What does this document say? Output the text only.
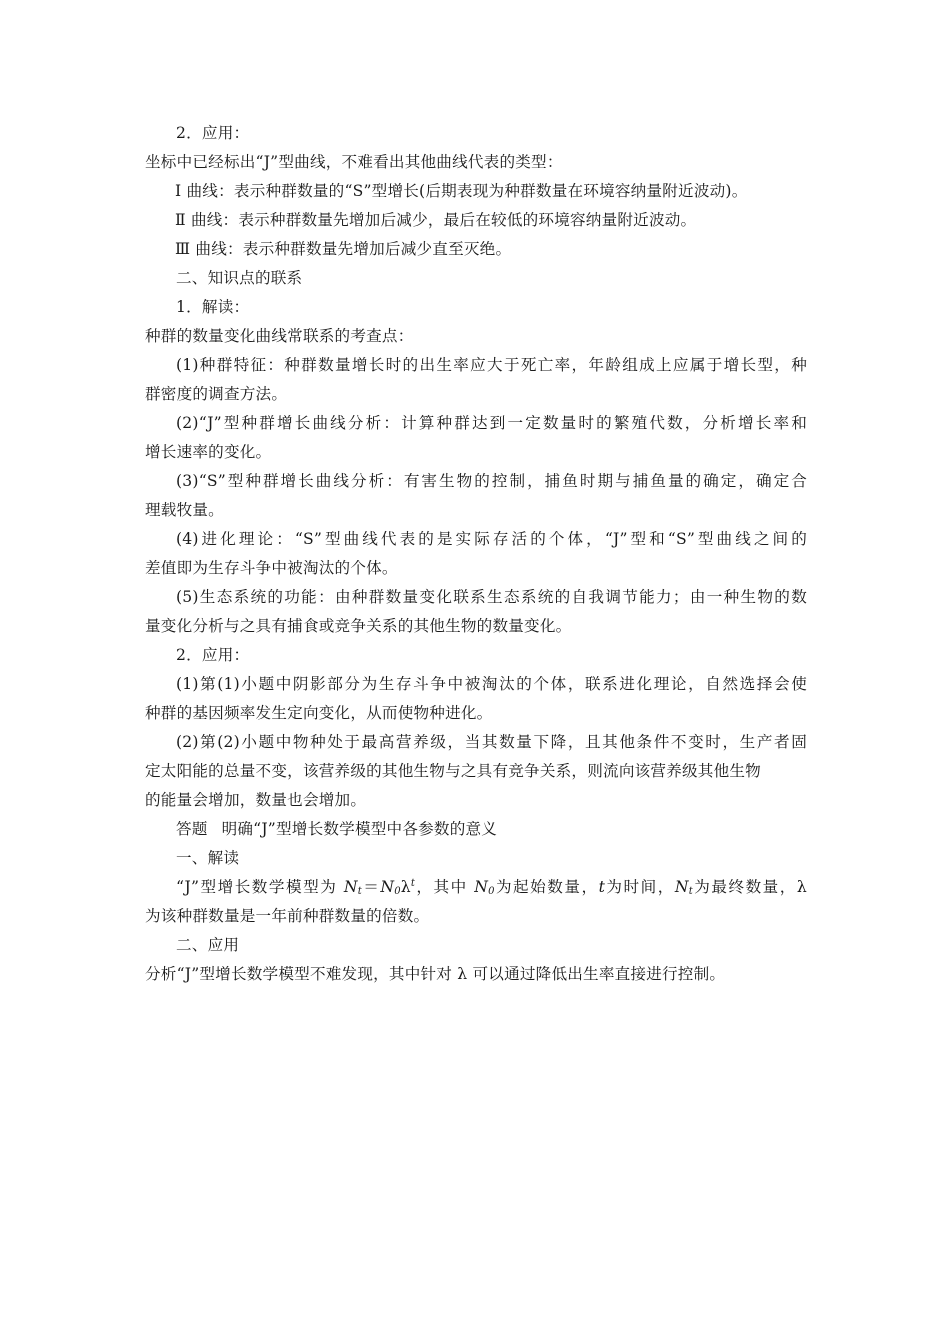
2．应用：
坐标中已经标出“J”型曲线，不难看出其他曲线代表的类型：
Ⅰ 曲线：表示种群数量的“S”型增长(后期表现为种群数量在环境容纳量附近波动)。
Ⅱ 曲线：表示种群数量先增加后减少，最后在较低的环境容纳量附近波动。
Ⅲ 曲线：表示种群数量先增加后减少直至灭绝。
二、知识点的联系
1．解读：
种群的数量变化曲线常联系的考查点：
(1)种群特征：种群数量增长时的出生率应大于死亡率，年龄组成上应属于增长型，种
群密度的调查方法。
(2)“J”型种群增长曲线分析：计算种群达到一定数量时的繁殖代数，分析增长率和
增长速率的变化。
(3)“S”型种群增长曲线分析：有害生物的控制，捕鱼时期与捕鱼量的确定，确定合
理载牧量。
(4)进化理论：“S”型曲线代表的是实际存活的个体，“J”型和“S”型曲线之间的
差值即为生存斗争中被淘汰的个体。
(5)生态系统的功能：由种群数量变化联系生态系统的自我调节能力；由一种生物的数
量变化分析与之具有捕食或竞争关系的其他生物的数量变化。
2．应用：
(1)第(1)小题中阴影部分为生存斗争中被淘汰的个体，联系进化理论，自然选择会使
种群的基因频率发生定向变化，从而使物种进化。
(2)第(2)小题中物种处于最高营养级，当其数量下降，且其他条件不变时，生产者固
定太阳能的总量不变，该营养级的其他生物与之具有竞争关系，则流向该营养级其他生物
的能量会增加，数量也会增加。
答题 明确“J”型增长数学模型中各参数的意义
一、解读
“J”型增长数学模型为 $N_t=N_0\lambda^t$，其中 $N_0$为起始数量，t为时间，$N_t$为最终数量，λ
为该种群数量是一年前种群数量的倍数。
二、应用
分析“J”型增长数学模型不难发现，其中针对 λ 可以通过降低出生率直接进行控制。
